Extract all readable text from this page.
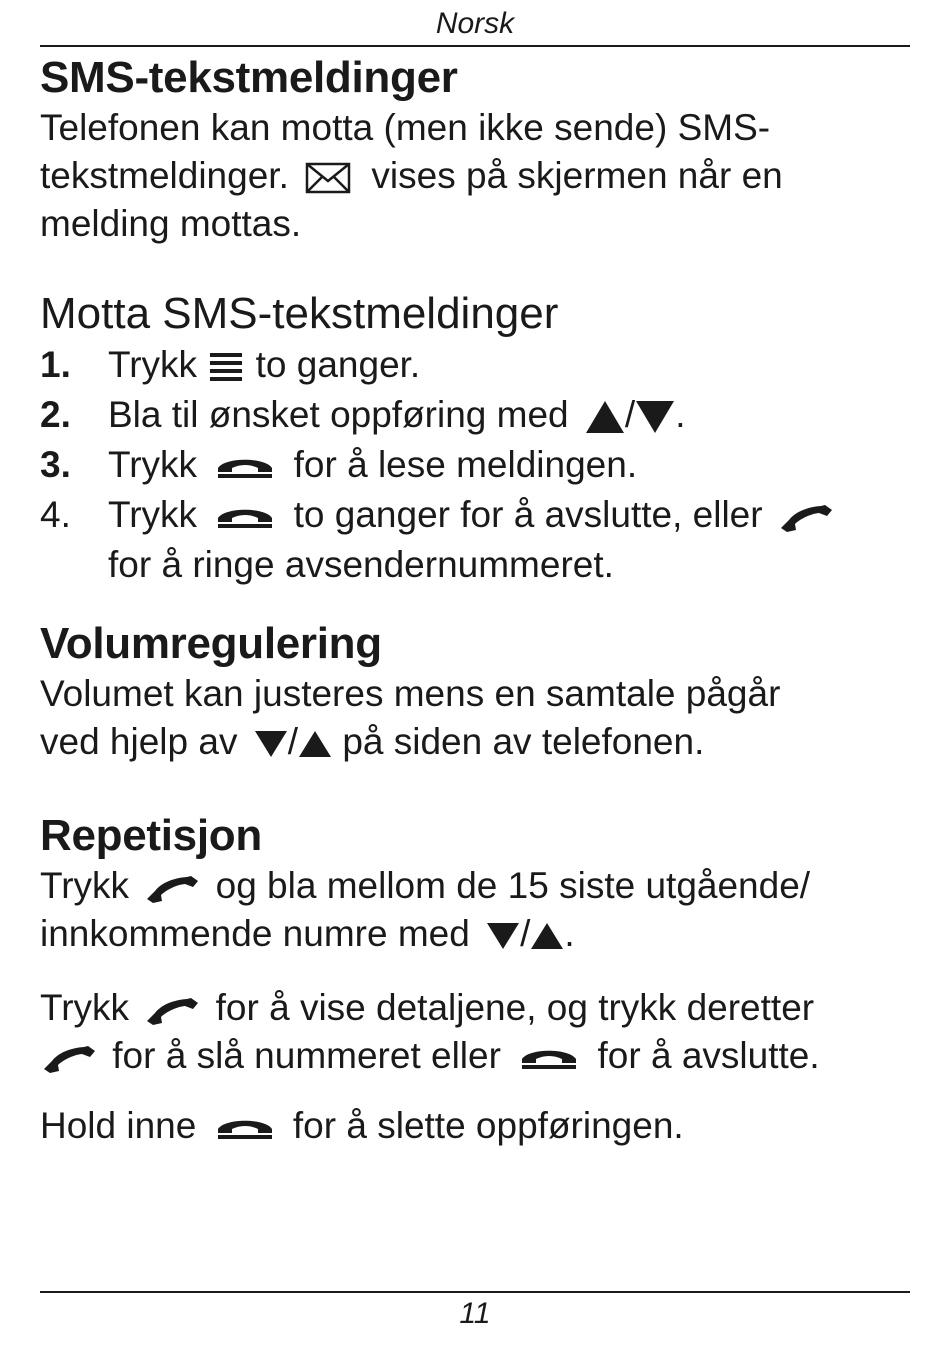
Norsk
SMS-tekstmeldinger

Telefonen kan motta (men ikke sende) SMS-
tekstmeldinger. vises på skjermen når en
melding mottas.

Motta SMS-tekstmeldinger
1.	Trykk to ganger.
2.	Bla til ønsket oppføring med / .
3.	Trykk	for å lese meldingen.
4.	Trykk	to ganger for å avslutte, eller

for å ringe avsendernummeret.
Volumregulering

Volumet kan justeres mens en samtale pågår
ved hjelp av / på siden av telefonen.

Repetisjon

Trykk og bla mellom de 15 siste utgående/
innkommende numre med / .

Trykk for å vise detaljene, og trykk deretter

for å slå nummeret eller	for å avslutte.

Hold inne	for å slette oppføringen.

11
